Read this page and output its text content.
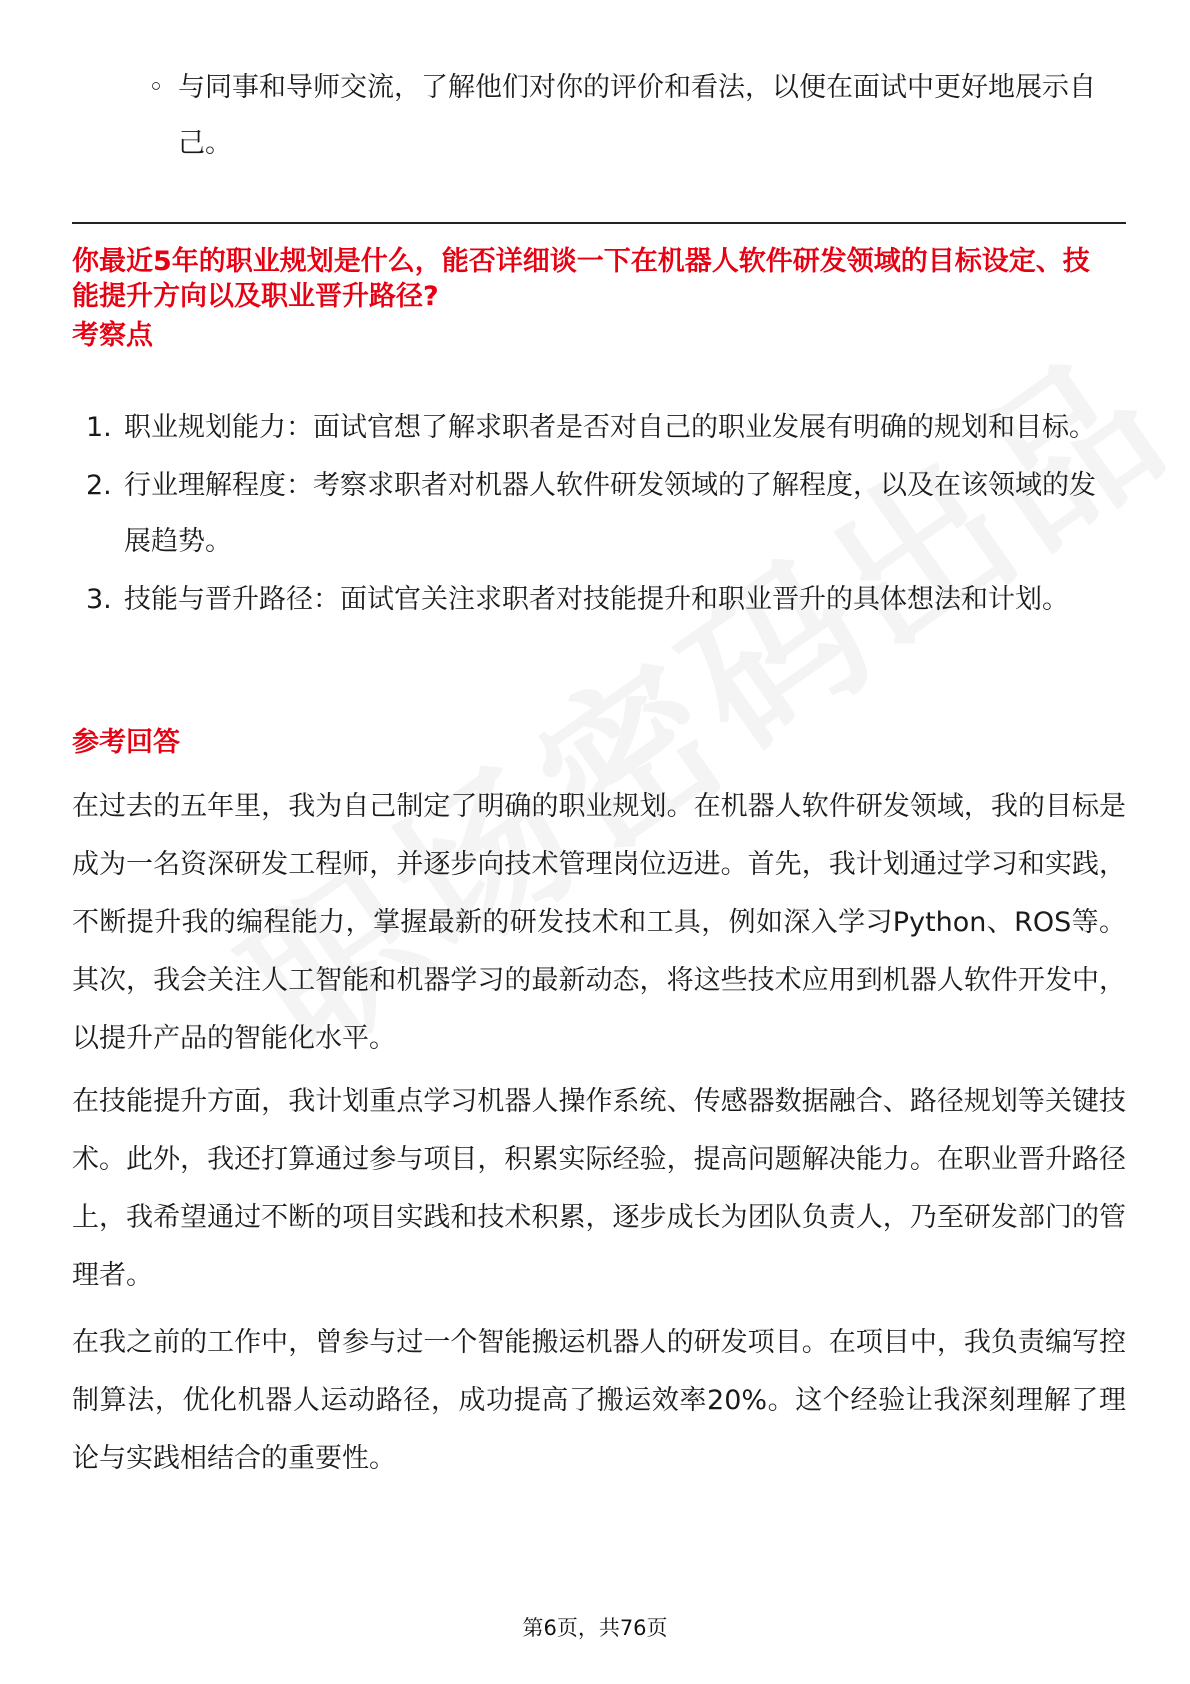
◦ 与同事和导师交流，了解他们对你的评价和看法，以便在面试中更好地展示自己。
你最近5年的职业规划是什么，能否详细谈一下在机器人软件研发领域的目标设定、技能提升方向以及职业晋升路径?
考察点
1. 职业规划能力：面试官想了解求职者是否对自己的职业发展有明确的规划和目标。
2. 行业理解程度：考察求职者对机器人软件研发领域的了解程度，以及在该领域的发展趋势。
3. 技能与晋升路径：面试官关注求职者对技能提升和职业晋升的具体想法和计划。
参考回答

在过去的五年里，我为自己制定了明确的职业规划。在机器人软件研发领域，我的目标是成为一名资深研发工程师，并逐步向技术管理岗位迈进。首先，我计划通过学习和实践，不断提升我的编程能力，掌握最新的研发技术和工具，例如深入学习Python、ROS等。其次，我会关注人工智能和机器学习的最新动态，将这些技术应用到机器人软件开发中，以提升产品的智能化水平。

在技能提升方面，我计划重点学习机器人操作系统、传感器数据融合、路径规划等关键技术。此外，我还打算通过参与项目，积累实际经验，提高问题解决能力。在职业晋升路径上，我希望通过不断的项目实践和技术积累，逐步成长为团队负责人，乃至研发部门的管理者。

在我之前的工作中，曾参与过一个智能搬运机器人的研发项目。在项目中，我负责编写控制算法，优化机器人运动路径，成功提高了搬运效率20%。这个经验让我深刻理解了理论与实践相结合的重要性。

第6页，共76页
